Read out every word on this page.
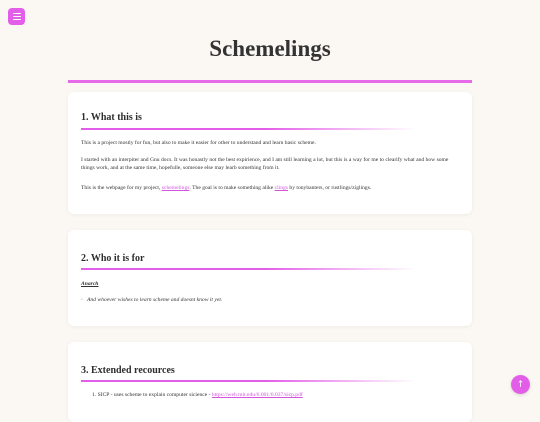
Schemelings
1. What this is

This is a project mostly for fun, but also to make it easier for other to understand and learn basic scheme.

I started with an interpiter and Gnu docs. It was honastly not the best expirience, and I am still learning a lot, but this is a way for me to clearify what and how some things work, and at the same time, hopefulle, someone else may learb something from it.

This is the webpage for my project, schemelings. The goal is to make something alike clings by tonybanters, or rustlings/ziglings.

2. Who it is for
Anarch
• And whoever wishes to learn scheme and doesnt know it yet.
3. Extended recources
1. SICP - uses scheme to explain computer sicience - https://web.mit.edu/6.001/6.037/sicp.pdf
↑
